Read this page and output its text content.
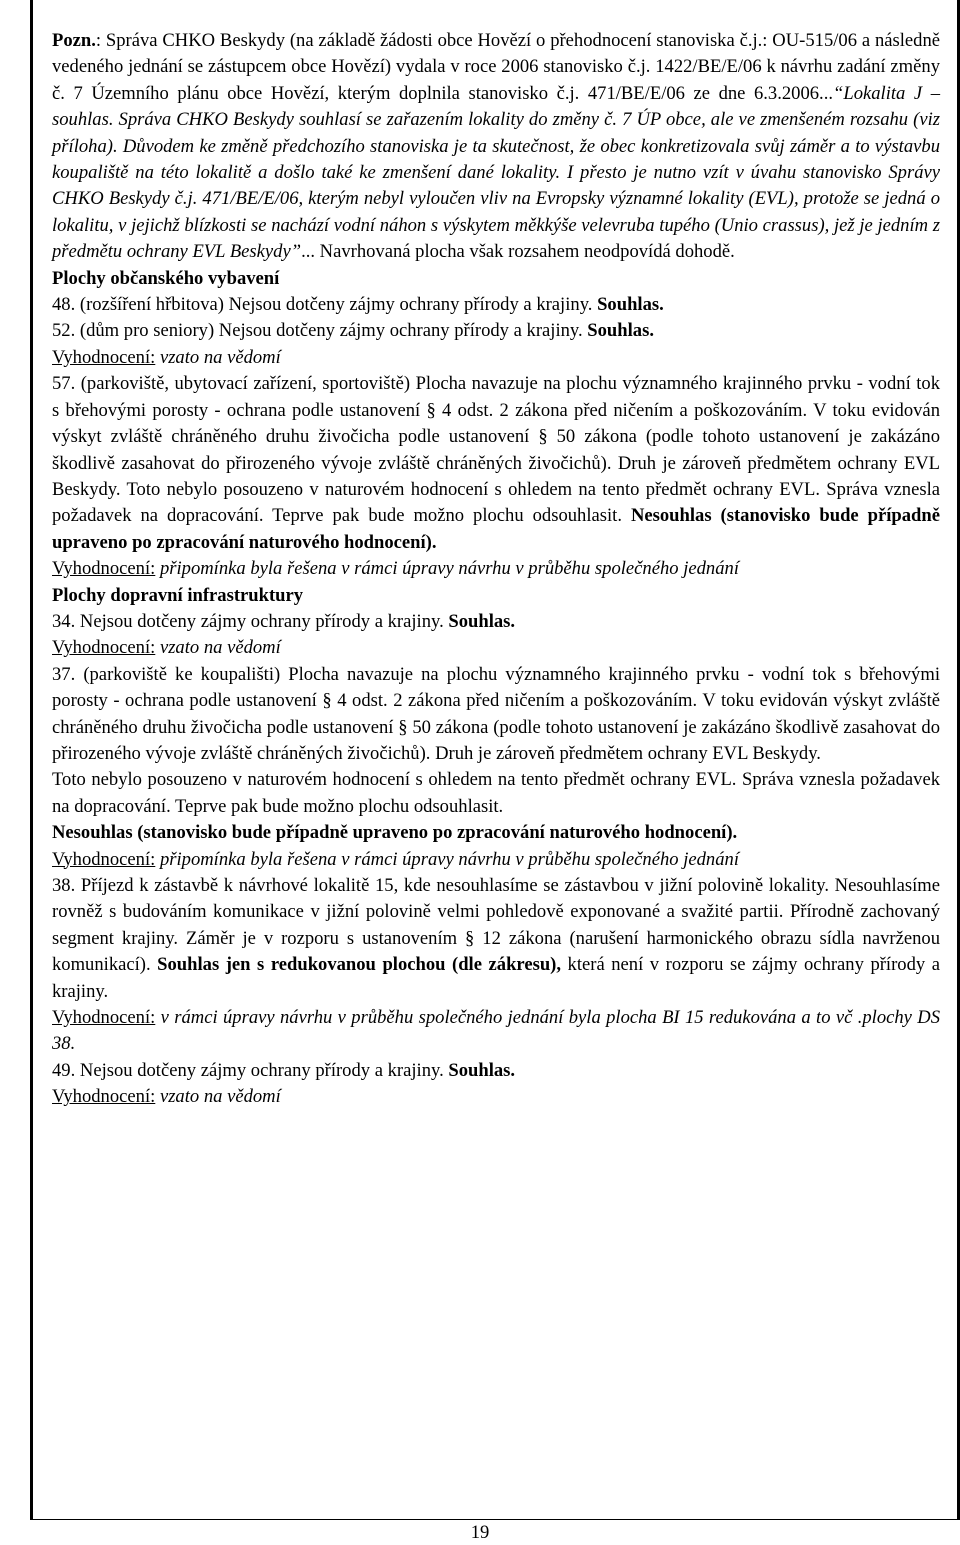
Pozn.: Správa CHKO Beskydy (na základě žádosti obce Hovězí o přehodnocení stanoviska č.j.: OU-515/06 a následně vedeného jednání se zástupcem obce Hovězí) vydala v roce 2006 stanovisko č.j. 1422/BE/E/06 k návrhu zadání změny č. 7 Územního plánu obce Hovězí, kterým doplnila stanovisko č.j. 471/BE/E/06 ze dne 6.3.2006...“Lokalita J – souhlas. Správa CHKO Beskydy souhlasí se zařazením lokality do změny č. 7 ÚP obce, ale ve zmenšeném rozsahu (viz příloha). Důvodem ke změně předchozího stanoviska je ta skutečnost, že obec konkretizovala svůj záměr a to výstavbu koupaliště na této lokalitě a došlo také ke zmenšení dané lokality. I přesto je nutno vzít v úvahu stanovisko Správy CHKO Beskydy č.j. 471/BE/E/06, kterým nebyl vyloučen vliv na Evropsky významné lokality (EVL), protože se jedná o lokalitu, v jejichž blízkosti se nachází vodní náhon s výskytem měkkýše velevruba tupého (Unio crassus), jež je jedním z předmětu ochrany EVL Beskydy”... Navrhovaná plocha však rozsahem neodpovídá dohodě.

Plochy občanského vybavení

48. (rozšíření hřbitova) Nejsou dotčeny zájmy ochrany přírody a krajiny. Souhlas.

52. (dům pro seniory) Nejsou dotčeny zájmy ochrany přírody a krajiny. Souhlas.

Vyhodnocení: vzato na vědomí

57. (parkoviště, ubytovací zařízení, sportoviště) Plocha navazuje na plochu významného krajinného prvku - vodní tok s břehovými porosty - ochrana podle ustanovení § 4 odst. 2 zákona před ničením a poškozováním. V toku evidován výskyt zvláště chráněného druhu živočicha podle ustanovení § 50 zákona (podle tohoto ustanovení je zakázáno škodlivě zasahovat do přirozeného vývoje zvláště chráněných živočichů). Druh je zároveň předmětem ochrany EVL Beskydy. Toto nebylo posouzeno v naturovém hodnocení s ohledem na tento předmět ochrany EVL. Správa vznesla požadavek na dopracování. Teprve pak bude možno plochu odsouhlasit. Nesouhlas (stanovisko bude případně upraveno po zpracování naturového hodnocení).

Vyhodnocení: připomínka byla řešena v rámci úpravy návrhu v průběhu společného jednání

Plochy dopravní infrastruktury

34. Nejsou dotčeny zájmy ochrany přírody a krajiny. Souhlas.

Vyhodnocení: vzato na vědomí

37. (parkoviště ke koupališti) Plocha navazuje na plochu významného krajinného prvku - vodní tok s břehovými porosty - ochrana podle ustanovení § 4 odst. 2 zákona před ničením a poškozováním. V toku evidován výskyt zvláště chráněného druhu živočicha podle ustanovení § 50 zákona (podle tohoto ustanovení je zakázáno škodlivě zasahovat do přirozeného vývoje zvláště chráněných živočichů). Druh je zároveň předmětem ochrany EVL Beskydy.

Toto nebylo posouzeno v naturovém hodnocení s ohledem na tento předmět ochrany EVL. Správa vznesla požadavek na dopracování. Teprve pak bude možno plochu odsouhlasit.

Nesouhlas (stanovisko bude případně upraveno po zpracování naturového hodnocení).

Vyhodnocení: připomínka byla řešena v rámci úpravy návrhu v průběhu společného jednání

38. Příjezd k zástavbě k návrhové lokalitě 15, kde nesouhlasíme se zástavbou v jižní polovině lokality. Nesouhlasíme rovněž s budováním komunikace v jižní polovině velmi pohledově exponované a svažité partii. Přírodně zachovaný segment krajiny. Záměr je v rozporu s ustanovením § 12 zákona (narušení harmonického obrazu sídla navrženou komunikací). Souhlas jen s redukovanou plochou (dle zákresu), která není v rozporu se zájmy ochrany přírody a krajiny.

Vyhodnocení: v rámci úpravy návrhu v průběhu společného jednání byla plocha BI 15 redukována a to vč .plochy DS 38.

49. Nejsou dotčeny zájmy ochrany přírody a krajiny. Souhlas.

Vyhodnocení: vzato na vědomí

19
